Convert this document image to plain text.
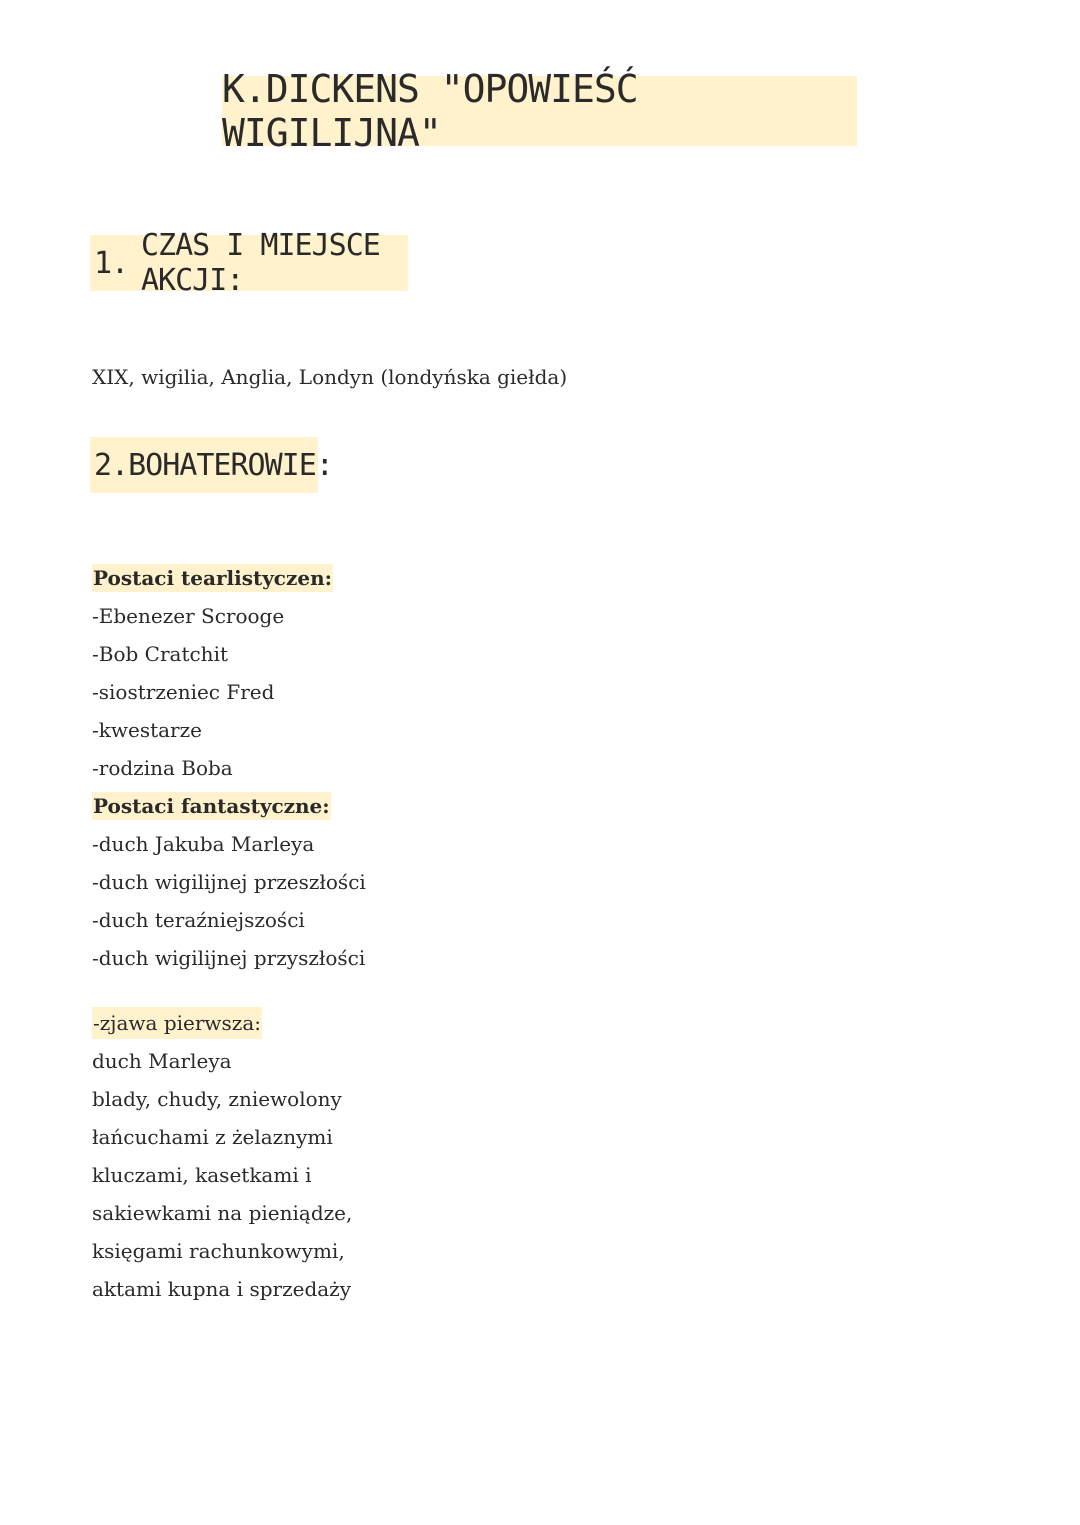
K.DICKENS "OPOWIEŚĆ WIGILIJNA"
1. CZAS I MIEJSCE AKCJI:
XIX, wigilia, Anglia, Londyn (londyńska giełda)
2. BOHATEROWIE:
Postaci tearlistyczen:
-Ebenezer Scrooge
-Bob Cratchit
-siostrzeniec Fred
-kwestarze
-rodzina Boba
Postaci fantastyczne:
-duch Jakuba Marleya
-duch wigilijnej przeszłości
-duch teraźniejszości
-duch wigilijnej przyszłości
-zjawa pierwsza:
duch Marleya
blady, chudy, zniewolony
łańcuchami z żelaznymi
kluczami, kasetkami i
sakiewkami na pieniądze,
księgami rachunkowymi,
aktami kupna i sprzedaży
